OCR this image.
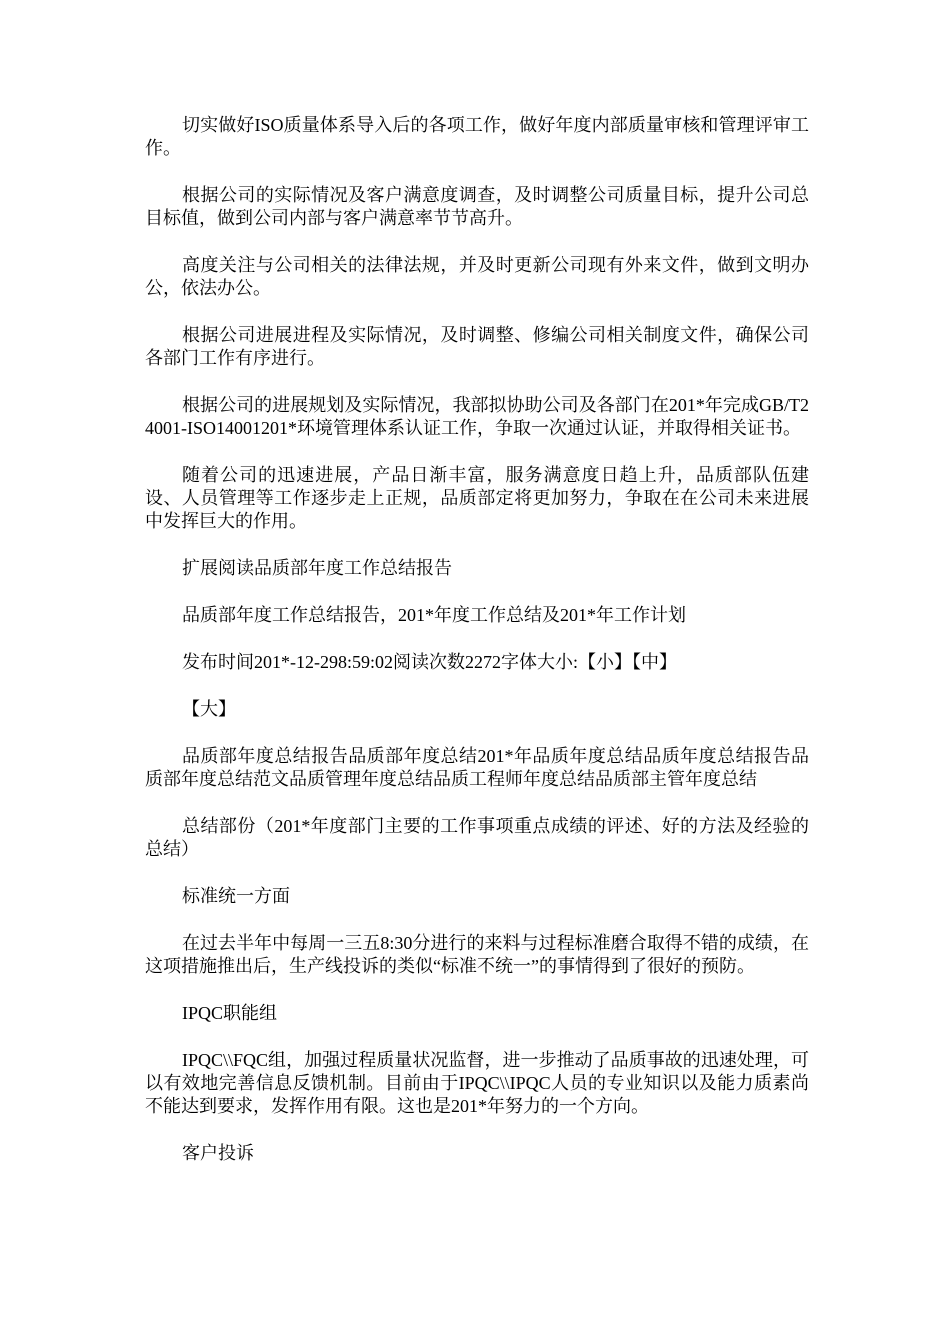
切实做好ISO质量体系导入后的各项工作，做好年度内部质量审核和管理评审工作。

根据公司的实际情况及客户满意度调查，及时调整公司质量目标，提升公司总目标值，做到公司内部与客户满意率节节高升。

高度关注与公司相关的法律法规，并及时更新公司现有外来文件，做到文明办公，依法办公。

根据公司进展进程及实际情况，及时调整、修编公司相关制度文件，确保公司各部门工作有序进行。

根据公司的进展规划及实际情况，我部拟协助公司及各部门在201*年完成GB/T24001-ISO14001201*环境管理体系认证工作，争取一次通过认证，并取得相关证书。

随着公司的迅速进展，产品日渐丰富，服务满意度日趋上升，品质部队伍建设、人员管理等工作逐步走上正规，品质部定将更加努力，争取在在公司未来进展中发挥巨大的作用。

扩展阅读品质部年度工作总结报告

品质部年度工作总结报告，201*年度工作总结及201*年工作计划

发布时间201*-12-298:59:02阅读次数2272字体大小:【小】【中】

【大】

品质部年度总结报告品质部年度总结201*年品质年度总结品质年度总结报告品质部年度总结范文品质管理年度总结品质工程师年度总结品质部主管年度总结

总结部份（201*年度部门主要的工作事项重点成绩的评述、好的方法及经验的总结）

标准统一方面

在过去半年中每周一三五8:30分进行的来料与过程标准磨合取得不错的成绩，在这项措施推出后，生产线投诉的类似“标准不统一”的事情得到了很好的预防。

IPQC职能组

IPQC\\FQC组，加强过程质量状况监督，进一步推动了品质事故的迅速处理，可以有效地完善信息反馈机制。目前由于IPQC\\IPQC人员的专业知识以及能力质素尚不能达到要求，发挥作用有限。这也是201*年努力的一个方向。

客户投诉
